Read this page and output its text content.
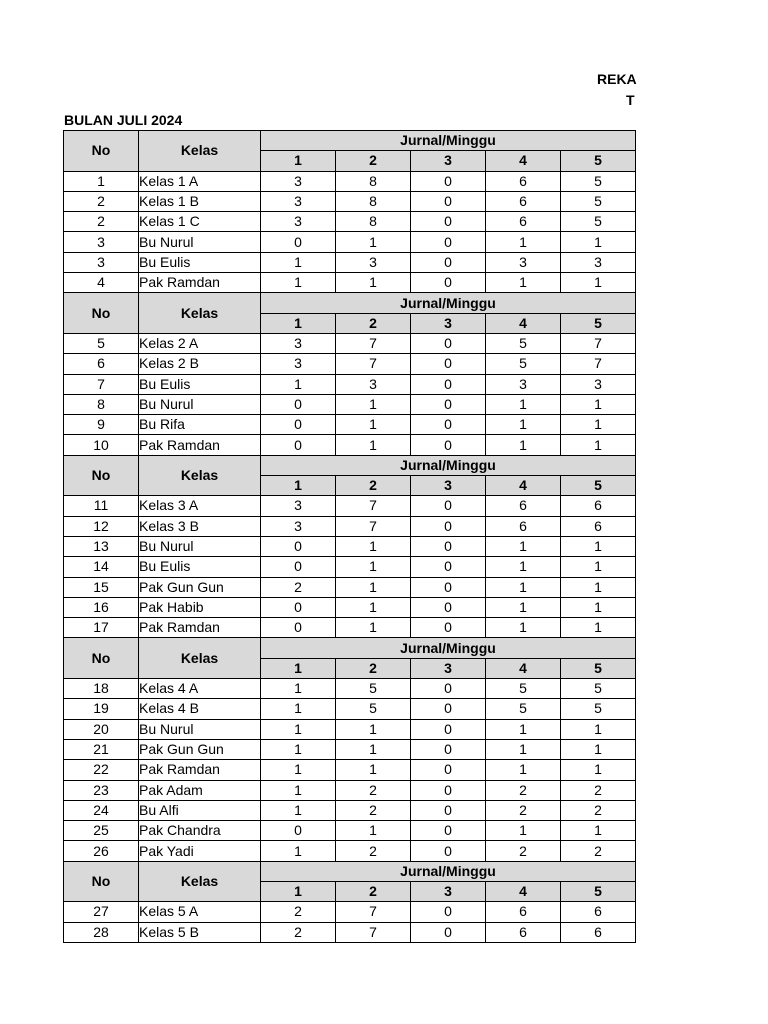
REKA
T
BULAN JULI 2024
No	Kelas	Jurnal/Minggu				
		1	2	3	4	5
1	Kelas 1 A	3	8	0	6	5
2	Kelas 1 B	3	8	0	6	5
2	Kelas 1 C	3	8	0	6	5
3	Bu Nurul	0	1	0	1	1
3	Bu Eulis	1	3	0	3	3
4	Pak Ramdan	1	1	0	1	1
No	Kelas	Jurnal/Minggu				
		1	2	3	4	5
5	Kelas 2 A	3	7	0	5	7
6	Kelas 2 B	3	7	0	5	7
7	Bu Eulis	1	3	0	3	3
8	Bu Nurul	0	1	0	1	1
9	Bu Rifa	0	1	0	1	1
10	Pak Ramdan	0	1	0	1	1
No	Kelas	Jurnal/Minggu				
		1	2	3	4	5
11	Kelas 3 A	3	7	0	6	6
12	Kelas 3 B	3	7	0	6	6
13	Bu Nurul	0	1	0	1	1
14	Bu Eulis	0	1	0	1	1
15	Pak Gun Gun	2	1	0	1	1
16	Pak Habib	0	1	0	1	1
17	Pak Ramdan	0	1	0	1	1
No	Kelas	Jurnal/Minggu				
		1	2	3	4	5
18	Kelas 4 A	1	5	0	5	5
19	Kelas 4 B	1	5	0	5	5
20	Bu Nurul	1	1	0	1	1
21	Pak Gun Gun	1	1	0	1	1
22	Pak Ramdan	1	1	0	1	1
23	Pak Adam	1	2	0	2	2
24	Bu Alfi	1	2	0	2	2
25	Pak Chandra	0	1	0	1	1
26	Pak Yadi	1	2	0	2	2
No	Kelas	Jurnal/Minggu				
		1	2	3	4	5
27	Kelas 5 A	2	7	0	6	6
28	Kelas 5 B	2	7	0	6	6
